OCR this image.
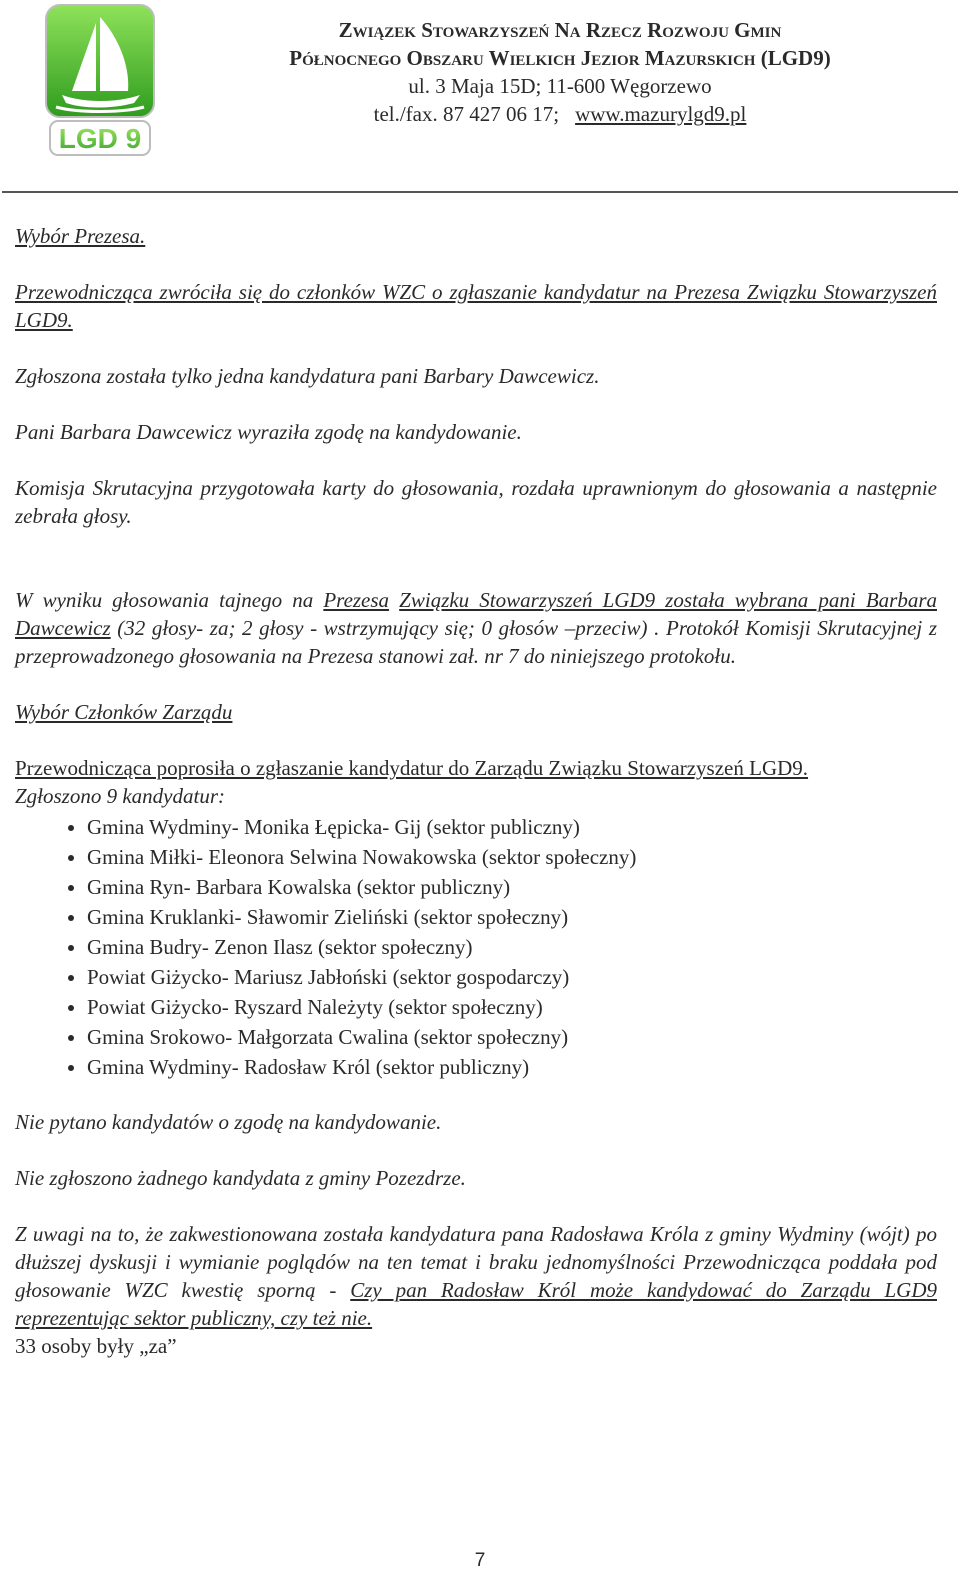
LGD 9
Związek Stowarzyszeń Na Rzecz Rozwoju Gmin
Północnego Obszaru Wielkich Jezior Mazurskich (LGD9)
ul. 3 Maja 15D; 11-600 Węgorzewo
tel./fax. 87 427 06 17; www.mazurylgd9.pl

Wybór Prezesa.

Przewodnicząca zwróciła się do członków WZC o zgłaszanie kandydatur na Prezesa Związku Stowarzyszeń LGD9.

Zgłoszona została tylko jedna kandydatura pani Barbary Dawcewicz.

Pani Barbara Dawcewicz wyraziła zgodę na kandydowanie.

Komisja Skrutacyjna przygotowała karty do głosowania, rozdała uprawnionym do głosowania a następnie zebrała głosy.

W wyniku głosowania tajnego na Prezesa Związku Stowarzyszeń LGD9 została wybrana pani Barbara Dawcewicz (32 głosy- za; 2 głosy - wstrzymujący się; 0 głosów –przeciw) . Protokół Komisji Skrutacyjnej z przeprowadzonego głosowania na Prezesa stanowi zał. nr 7 do niniejszego protokołu.

Wybór Członków Zarządu

Przewodnicząca poprosiła o zgłaszanie kandydatur do Zarządu Związku Stowarzyszeń LGD9.

Zgłoszono 9 kandydatur:

• Gmina Wydminy- Monika Łępicka- Gij (sektor publiczny)
• Gmina Miłki- Eleonora Selwina Nowakowska (sektor społeczny)
• Gmina Ryn- Barbara Kowalska (sektor publiczny)
• Gmina Kruklanki- Sławomir Zieliński (sektor społeczny)
• Gmina Budry- Zenon Ilasz (sektor społeczny)
• Powiat Giżycko- Mariusz Jabłoński (sektor gospodarczy)
• Powiat Giżycko- Ryszard Należyty (sektor społeczny)
• Gmina Srokowo- Małgorzata Cwalina (sektor społeczny)
• Gmina Wydminy- Radosław Król (sektor publiczny)

Nie pytano kandydatów o zgodę na kandydowanie.

Nie zgłoszono żadnego kandydata z gminy Pozezdrze.

Z uwagi na to, że zakwestionowana została kandydatura pana Radosława Króla z gminy Wydminy (wójt) po dłuższej dyskusji i wymianie poglądów na ten temat i braku jednomyślności Przewodnicząca poddała pod głosowanie WZC kwestię sporną - Czy pan Radosław Król może kandydować do Zarządu LGD9 reprezentując sektor publiczny, czy też nie.

33 osoby były „za”

7
